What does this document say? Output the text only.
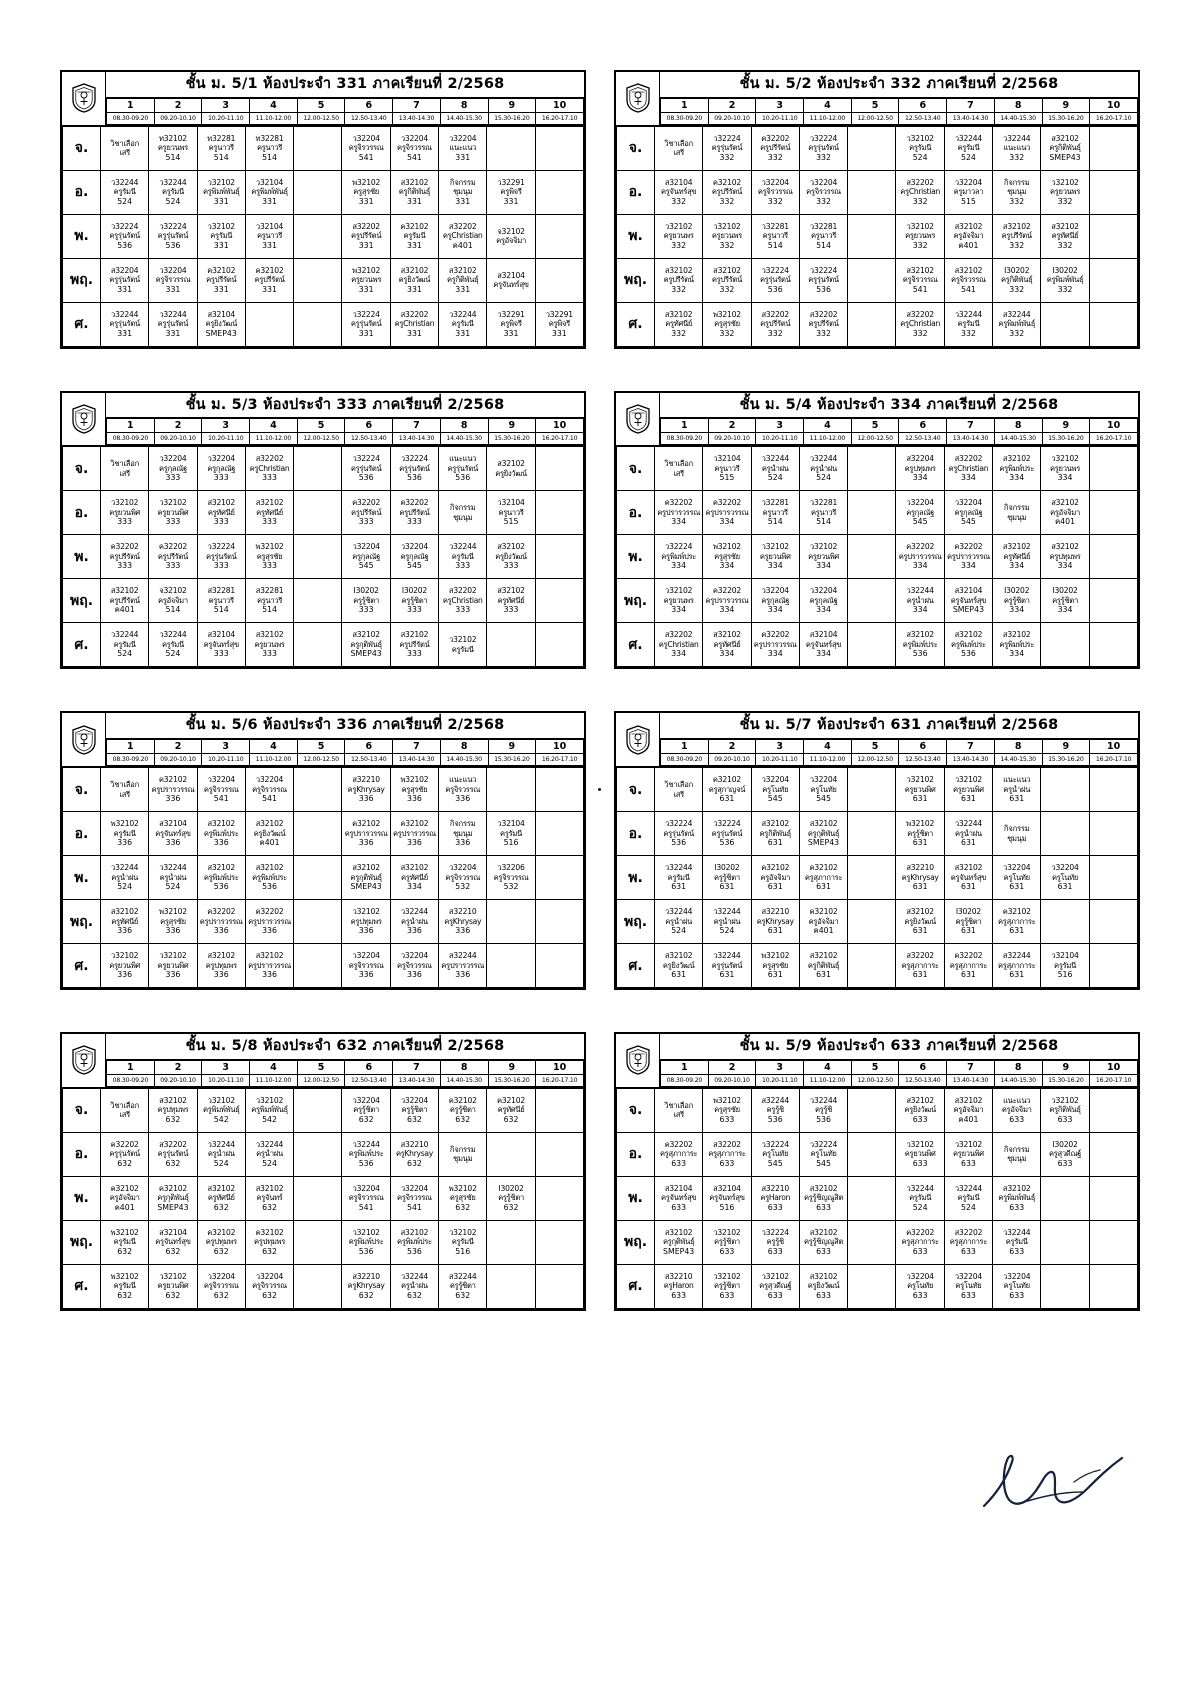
ชั้น ม. 5/1 ห้องประจำ 331 ภาคเรียนที่ 2/2568
1	2	3	4	5	6	7	8	9	10
08.30-09.20	09.20-10.10	10.20-11.10	11.10-12.00	12.00-12.50	12.50-13.40	13.40-14.30	14.40-15.30	15.30-16.20	16.20-17.10
จ.	วิชาเลือก
เสรี	ท32102
ครูยวนพร
514	ท32281
ครูนาวรี
514	ท32281
ครูนาวรี
514		ว32204
ครูจิรวรรณ
541	ว32204
ครูจิรวรรณ
541	ว32204
แนะแนว
331		

อ.	ว32244
ครูรัมนี
524	ว32244
ครูรัมนี
524	ว32102
ครูพิมพ์พันธุ์
331	ว32104
ครูพิมพ์พันธุ์
331		พ32102
ครูสุรชัย
331	ส32102
ครูกิติพันธุ์
331	กิจกรรม
ชุมนุม
331	ว32291
ครูพิจรี
331	

พ.	ว32224
ครูรุ่นรัตน์
536	ว32224
ครูรุ่นรัตน์
536	ว32102
ครูรัมนี
331	ว32104
ครูนาวรี
331		ส32202
ครูปรีรัตน์
331	ค32102
ครูรัมนี
331	ส32202
ครูChristian
ค401	จ32102
ครูอัจจิมา	

พฤ.	ส32204
ครูรุ่นรัตน์
331	ว32204
ครูจิรวรรณ
331	ค32102
ครูปรีรัตน์
331	ค32102
ครูปรีรัตน์
331		พ32102
ครูยวนพร
331	ส32102
ครูยิ่งวัฒน์
331	ส32102
ครูกิติพันธุ์
331	ส32104
ครูจันทร์สุข	

ศ.	ว32244
ครูรุ่นรัตน์
331	ว32244
ครูรุ่นรัตน์
331	ส32104
ครูยิ่งวัฒน์
SMEP43			ว32224
ครูรุ่นรัตน์
331	ส32202
ครูChristian
331	ว32244
ครูรัมนี
331	ว32291
ครูพิจรี
331	ว32291
ครูพิจรี
331
ชั้น ม. 5/2 ห้องประจำ 332 ภาคเรียนที่ 2/2568
1	2	3	4	5	6	7	8	9	10
08.30-09.20	09.20-10.10	10.20-11.10	11.10-12.00	12.00-12.50	12.50-13.40	13.40-14.30	14.40-15.30	15.30-16.20	16.20-17.10
จ.	วิชาเลือก
เสรี	ว32224
ครูรุ่นรัตน์
332	ค32202
ครูปรีรัตน์
332	ว32224
ครูรุ่นรัตน์
332		ว32102
ครูรัมนี
524	ว32244
ครูรัมนี
524	ว32244
แนะแนว
332	ส32102
ครูกิติพันธุ์
SMEP43	

อ.	ส32104
ครูจันทร์สุข
332	ค32102
ครูปรีรัตน์
332	ว32204
ครูจิรวรรณ
332	ว32204
ครูจิรวรรณ
332		ส32202
ครูChristian
332	ว32204
ครูมาวลา
515	กิจกรรม
ชุมนุม
332	ว32102
ครูยวนพร
332	

พ.	ว32102
ครูยวนพร
332	ว32102
ครูยวนพร
332	ว32281
ครูนาวรี
514	ว32281
ครูนาวรี
514		ว32102
ครูยวนพร
332	ส32102
ครูอัจจิมา
ค401	ส32102
ครูปรีรัตน์
332	ส32102
ครูทัศนีย์
332	

พฤ.	ส32102
ครูปรีรัตน์
332	ส32102
ครูปรีรัตน์
332	ว32224
ครูรุ่นรัตน์
536	ว32224
ครูรุ่นรัตน์
536		ส32102
ครูจิรวรรณ
541	ส32102
ครูจิรวรรณ
541	I30202
ครูกิติพันธุ์
332	I30202
ครูพิมพ์พันธุ์
332	

ศ.	ส32102
ครูทัศนีย์
332	พ32102
ครูสุรชัย
332	ส32202
ครูปรีรัตน์
332	ส32202
ครูปรีรัตน์
332		ส32202
ครูChristian
332	ว32244
ครูรัมนี
332	ส32244
ครูพิมพ์พันธุ์
332		

ชั้น ม. 5/3 ห้องประจำ 333 ภาคเรียนที่ 2/2568
1	2	3	4	5	6	7	8	9	10
08.30-09.20	09.20-10.10	10.20-11.10	11.10-12.00	12.00-12.50	12.50-13.40	13.40-14.30	14.40-15.30	15.30-16.20	16.20-17.10
จ.	วิชาเลือก
เสรี	ว32204
ครูกุลณัฐ
333	ว32204
ครูกุลณัฐ
333	ส32202
ครูChristian
333		ว32224
ครูรุ่นรัตน์
536	ว32224
ครูรุ่นรัตน์
536	แนะแนว
ครูรุ่นรัตน์
536	ส32102
ครูยิ่งวัฒน์	

อ.	ว32102
ครูยวนพิศ
333	ว32102
ครูยวนพิศ
333	ส32102
ครูทัศนีย์
333	ส32102
ครูทัศนีย์
333		ค32202
ครูปรีรัตน์
333	ค32202
ครูปรีรัตน์
333	กิจกรรม
ชุมนุม	ว32104
ครูนาวรี
515	

พ.	ค32202
ครูปรีรัตน์
333	ค32202
ครูปรีรัตน์
333	ว32224
ครูรุ่นรัตน์
333	พ32102
ครูสุรชัย
333		ว32204
ครูกุลณัฐ
545	ว32204
ครูกุลณัฐ
545	ว32244
ครูรัมนี
333	ส32102
ครูยิ่งวัฒน์
333	

พฤ.	ส32102
ครูปรีรัตน์
ค401	จ32102
ครูอัจจิมา
514	ส32281
ครูนาวรี
514	ส32281
ครูนาวรี
514		I30202
ครูรู้ชิตา
333	I30202
ครูรู้ชิตา
333	ส32202
ครูChristian
333	ส32102
ครูทัศนีย์
333	

ศ.	ว32244
ครูรัมนี
524	ว32244
ครูรัมนี
524	ส32104
ครูจันทร์สุข
333	ส32102
ครูยวนพร
333		ส32102
ครูกุติพันธุ์
SMEP43	ส32102
ครูปรีรัตน์
333	ว32102
ครูรัมนี		

ชั้น ม. 5/4 ห้องประจำ 334 ภาคเรียนที่ 2/2568
1	2	3	4	5	6	7	8	9	10
08.30-09.20	09.20-10.10	10.20-11.10	11.10-12.00	12.00-12.50	12.50-13.40	13.40-14.30	14.40-15.30	15.30-16.20	16.20-17.10
จ.	วิชาเลือก
เสรี	ว32104
ครูนาวรี
515	ว32244
ครูน้ำฝน
524	ว32244
ครูน้ำฝน
524		ส32204
ครูปทุมพร
334	ส32202
ครูChristian
334	ส32102
ครูพิมพ์ประ
334	ว32102
ครูยวนพร
334	

อ.	ค32202
ครูปรารวรรณ
334	ค32202
ครูปรารวรรณ
334	ว32281
ครูนาวรี
514	ว32281
ครูนาวรี
514		ว32204
ครูกุลณัฐ
545	ว32204
ครูกุลณัฐ
545	กิจกรรม
ชุมนุม	ส32102
ครูอัจจิมา
ค401	

พ.	ว32224
ครูพิมพ์ประ
334	พ32102
ครูสุรชัย
334	ว32102
ครูยวนพิศ
334	ว32102
ครูยวนพิศ
334		ค32202
ครูปรารวรรณ
334	ค32202
ครูปรารวรรณ
334	ส32102
ครูทัศนีย์
334	ส32102
ครูปทุมพร
334	

พฤ.	ว32102
ครูยวนพร
334	ค32202
ครูปรารวรรณ
334	ว32204
ครูกุลณัฐ
334	ว32204
ครูกุลณัฐ
334		ว32244
ครูน้ำฝน
334	ส32104
ครูจันทร์สุข
SMEP43	I30202
ครูรู้ชิตา
334	I30202
ครูรู้ชิตา
334	

ศ.	ส32202
ครูChristian
334	ส32102
ครูทัศนีย์
334	ค32202
ครูปรารวรรณ
334	ส32104
ครูจันทร์สุข
334		ส32102
ครูพิมพ์ประ
536	ส32102
ครูพิมพ์ประ
536	ส32102
ครูพิมพ์ประ
334		

ชั้น ม. 5/6 ห้องประจำ 336 ภาคเรียนที่ 2/2568
1	2	3	4	5	6	7	8	9	10
08.30-09.20	09.20-10.10	10.20-11.10	11.10-12.00	12.00-12.50	12.50-13.40	13.40-14.30	14.40-15.30	15.30-16.20	16.20-17.10
จ.	วิชาเลือก
เสรี	ค32102
ครูปรารวรรณ
336	ว32204
ครูจิรวรรณ
541	ว32204
ครูจิรวรรณ
541		ส32210
ครูKhrysay
336	พ32102
ครูสุรชัย
336	แนะแนว
ครูจิรวรรณ
336		

อ.	พ32102
ครูรัมนี
336	ส32104
ครูจันทร์สุข
336	ส32102
ครูพิมพ์ประ
336	ส32102
ครูยิ่งวัฒน์
ค401		ค32102
ครูปรารวรรณ
336	ค32102
ครูปรารวรรณ
336	กิจกรรม
ชุมนุม
336	ว32104
ครูรัมนี
516	

พ.	ว32244
ครูน้ำฝน
524	ว32244
ครูน้ำฝน
524	ส32102
ครูพิมพ์ประ
536	ส32102
ครูพิมพ์ประ
536		ส32102
ครูกุติพันธุ์
SMEP43	ส32102
ครูทัศนีย์
334	ว32204
ครูจิรวรรณ
532	ว32206
ครูจิรวรรณ
532	

พฤ.	ส32102
ครูทัศนีย์
336	พ32102
ครูสุรชัย
336	ค32202
ครูปรารวรรณ
336	ค32202
ครูปรารวรรณ
336		ว32102
ครูปทุมพร
336	ว32244
ครูน้ำฝน
336	ส32210
ครูKhrysay
336		

ศ.	ว32102
ครูยวนพิศ
336	ว32102
ครูยวนพิศ
336	ส32102
ครูปทุมพร
336	ส32102
ครูปรารวรรณ
336		ว32204
ครูจิรวรรณ
336	ว32204
ครูจิรวรรณ
336	ส32244
ครูปรารวรรณ
336		

ชั้น ม. 5/7 ห้องประจำ 631 ภาคเรียนที่ 2/2568
1	2	3	4	5	6	7	8	9	10
08.30-09.20	09.20-10.10	10.20-11.10	11.10-12.00	12.00-12.50	12.50-13.40	13.40-14.30	14.40-15.30	15.30-16.20	16.20-17.10
จ.	วิชาเลือก
เสรี	ค32102
ครูสุกาญจน์
631	ว32204
ครูโนทัย
545	ว32204
ครูโนทัย
545		ว32102
ครูยวนพิศ
631	ว32102
ครูยวนพิศ
631	แนะแนว
ครูน้ำฝน
631		

อ.	ว32224
ครูรุ่นรัตน์
536	ว32224
ครูรุ่นรัตน์
536	ส32102
ครูกิติพันธุ์
631	ส32102
ครูกุติพันธุ์
SMEP43		พ32102
ครูรู้ชิตา
631	ว32244
ครูน้ำฝน
631	กิจกรรม
ชุมนุม		

พ.	ว32244
ครูรัมนี
631	I30202
ครูรู้ชิตา
631	ค32102
ครูอัจจิมา
631	ค32102
ครูสุภาการะ
631		ส32210
ครูKhrysay
631	ส32102
ครูจันทร์สุข
631	ว32204
ครูโนทัย
631	ว32204
ครูโนทัย
631	

พฤ.	ว32244
ครูน้ำฝน
524	ว32244
ครูน้ำฝน
524	ส32210
ครูKhrysay
631	ค32102
ครูอัจจิมา
ค401		ส32102
ครูยิ่งวัฒน์
631	I30202
ครูรู้ชิตา
631	ค32102
ครูสุภาการะ
631		

ศ.	ส32102
ครูยิ่งวัฒน์
631	ว32244
ครูรุ่นรัตน์
631	พ32102
ครูสุรชัย
631	ส32102
ครูกิติพันธุ์
631		ส32202
ครูสุภาการะ
631	ค32202
ครูสุภาการะ
631	ส32244
ครูสุภาการะ
631	ว32104
ครูรัมนี
516	

ชั้น ม. 5/8 ห้องประจำ 632 ภาคเรียนที่ 2/2568
1	2	3	4	5	6	7	8	9	10
08.30-09.20	09.20-10.10	10.20-11.10	11.10-12.00	12.00-12.50	12.50-13.40	13.40-14.30	14.40-15.30	15.30-16.20	16.20-17.10
จ.	วิชาเลือก
เสรี	ส32102
ครูปทุมพร
632	ว32102
ครูพิมพ์พันธุ์
542	ว32102
ครูพิมพ์พันธุ์
542		ว32204
ครูรู้ชิตา
632	ว32204
ครูรู้ชิตา
632	ค32102
ครูรู้ชิตา
632	ค32102
ครูทัศนีย์
632	

อ.	ค32202
ครูรุ่นรัตน์
632	ส32202
ครูรุ่นรัตน์
632	ว32244
ครูน้ำฝน
524	ว32244
ครูน้ำฝน
524		ว32244
ครูพิมพ์ประ
536	ส32210
ครูKhrysay
632	กิจกรรม
ชุมนุม		

พ.	ค32102
ครูอัจจิมา
ค401	ค32102
ครูกุติพันธุ์
SMEP43	ส32102
ครูทัศนีย์
632	ส32102
ครูจันทร์
632		ว32204
ครูจิรวรรณ
541	ว32204
ครูจิรวรรณ
541	พ32102
ครูสุรชัย
632	I30202
ครูรู้ชิตา
632	

พฤ.	พ32102
ครูรัมนี
632	ส32104
ครูจันทร์สุข
632	ค32102
ครูปทุมพร
632	ค32102
ครูปทุมพร
632		ว32102
ครูพิมพ์ประ
536	ส32102
ครูพิมพ์ประ
536	ว32102
ครูรัมนี
516		

ศ.	พ32102
ครูรัมนี
632	ว32102
ครูยวนพิศ
632	ว32204
ครูจิรวรรณ
632	ว32204
ครูจิรวรรณ
632		ส32210
ครูKhrysay
632	ว32244
ครูน้ำฝน
632	ส32244
ครูรู้ชิตา
632		

ชั้น ม. 5/9 ห้องประจำ 633 ภาคเรียนที่ 2/2568
1	2	3	4	5	6	7	8	9	10
08.30-09.20	09.20-10.10	10.20-11.10	11.10-12.00	12.00-12.50	12.50-13.40	13.40-14.30	14.40-15.30	15.30-16.20	16.20-17.10
จ.	วิชาเลือก
เสรี	พ32102
ครูสุรชัย
633	ส32244
ครูรู้ชิ
536	ว32244
ครูรู้ชิ
536		ส32102
ครูยิ่งวัฒน์
633	ส32102
ครูอัจจิมา
ค401	แนะแนว
ครูอัจจิมา
633	ว32102
ครูกิติพันธุ์
633	

อ.	ค32202
ครูสุภาการะ
633	ส32202
ครูสุภาการะ
633	ว32224
ครูโนทัย
545	ว32224
ครูโนทัย
545		ว32102
ครูยวนพิศ
633	ว32102
ครูยวนพิศ
633	กิจกรรม
ชุมนุม	I30202
ครูสุวดีณฐ์
633	

พ.	ส32104
ครูจันทร์สุข
633	ส32104
ครูจันทร์สุข
516	ส32210
ครูHaron
633	ส32102
ครูรู้ชิญณูสิต
633		ว32244
ครูรัมนี
524	ว32244
ครูรัมนี
524	ส32102
ครูพิมพ์พันธุ์
633		

พฤ.	ส32102
ครูกุติพันธุ์
SMEP43	ว32102
ครูรู้ชิตา
633	ว32224
ครูรู้ชิ
633	ส32102
ครูรู้ชิญณูสิต
633		ค32202
ครูสุภาการะ
633	ส32202
ครูสุภาการะ
633	ว32244
ครูรัมนี
633		

ศ.	ส32210
ครูHaron
633	ว32102
ครูรู้ชิตา
633	ว32102
ครูสุวดีณฐ์
633	ส32102
ครูยิ่งวัฒน์
633		ว32204
ครูโนทัย
633	ว32204
ครูโนทัย
633	ว32204
ครูโนทัย
633		
